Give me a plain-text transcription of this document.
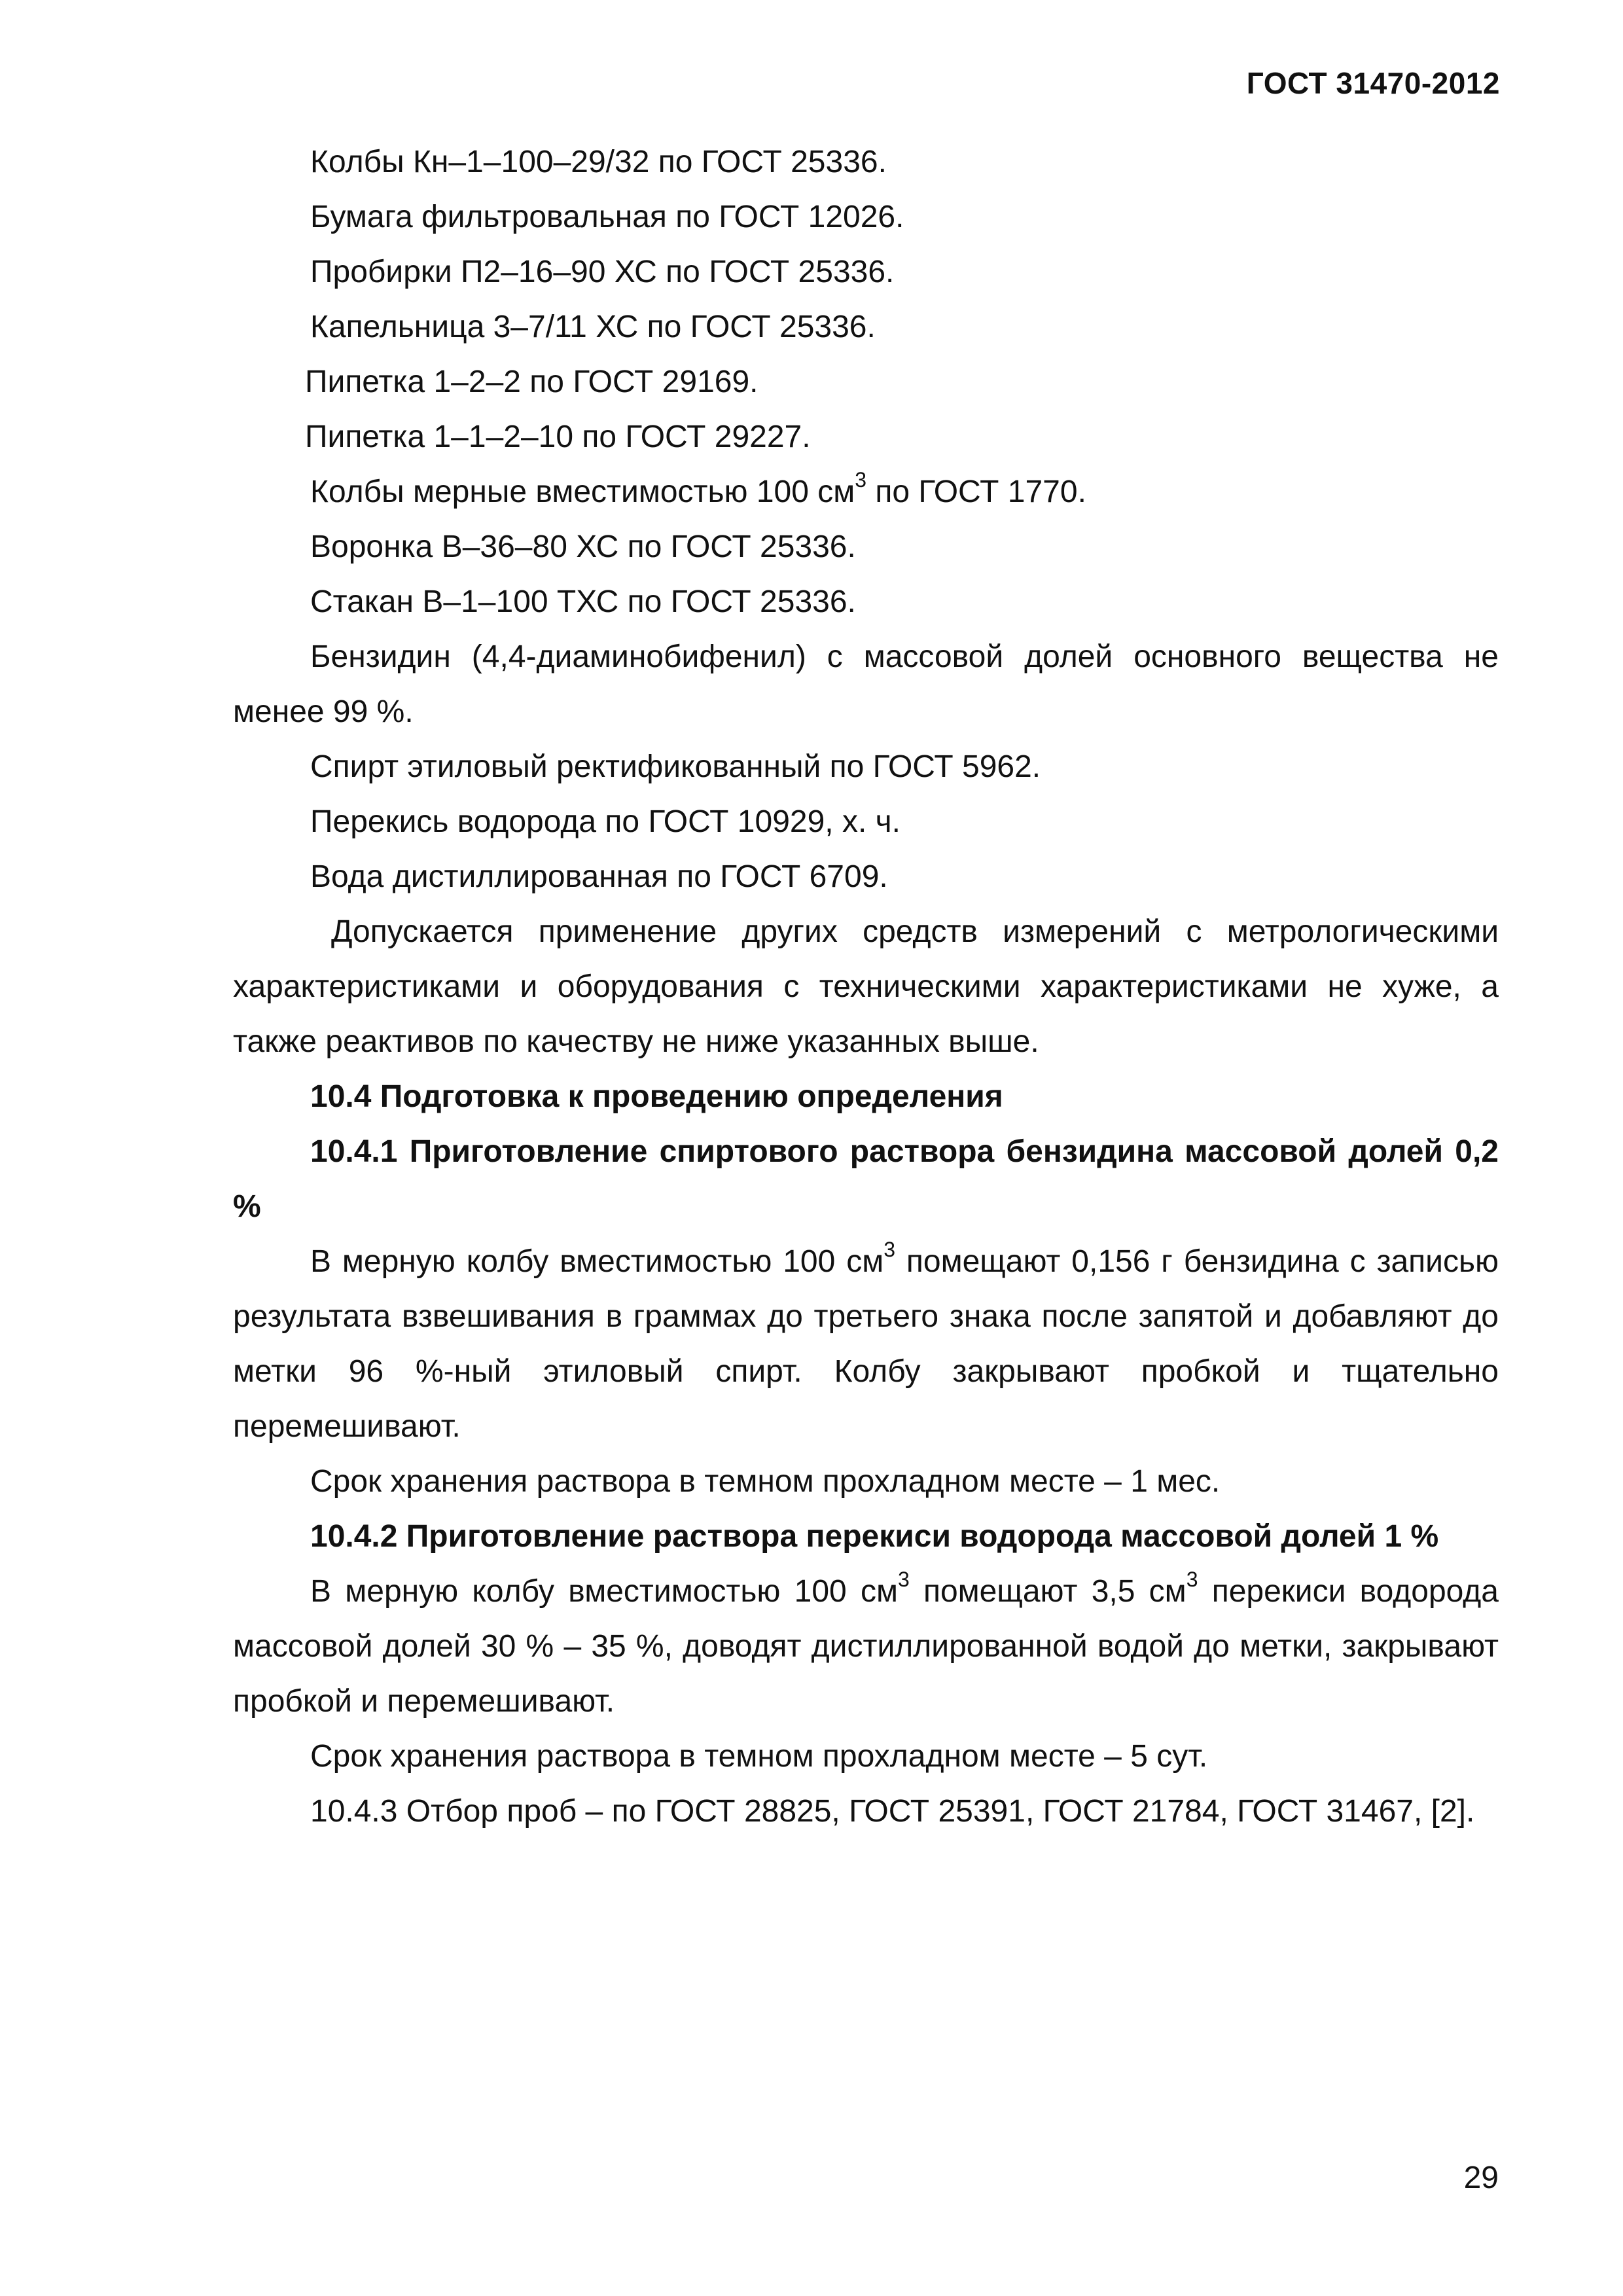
ГОСТ 31470-2012

Колбы Кн–1–100–29/32 по ГОСТ 25336.

Бумага фильтровальная по ГОСТ 12026.

Пробирки П2–16–90 ХС по ГОСТ 25336.

Капельница 3–7/11 ХС по ГОСТ 25336.

Пипетка 1–2–2 по ГОСТ 29169.

Пипетка 1–1–2–10 по ГОСТ 29227.

Колбы мерные вместимостью 100 $см^3$ по ГОСТ 1770.

Воронка В–36–80 ХС по ГОСТ 25336.

Стакан В–1–100 ТХС по ГОСТ 25336.

Бензидин (4,4-диаминобифенил) с массовой долей основного вещества не менее 99 %.

Спирт этиловый ректификованный по ГОСТ 5962.

Перекись водорода по ГОСТ 10929, х. ч.

Вода дистиллированная по ГОСТ 6709.

Допускается применение других средств измерений с метрологическими характеристиками и оборудования с техническими характеристиками не хуже, а также реактивов по качеству не ниже указанных выше.

10.4 Подготовка к проведению определения

10.4.1 Приготовление спиртового раствора бензидина массовой долей 0,2 %

В мерную колбу вместимостью 100 $см^3$ помещают 0,156 г бензидина с записью результата взвешивания в граммах до третьего знака после запятой и добавляют до метки 96 %-ный этиловый спирт. Колбу закрывают пробкой и тщательно перемешивают.

Срок хранения раствора в темном прохладном месте – 1 мес.

10.4.2 Приготовление раствора перекиси водорода массовой долей 1 %

В мерную колбу вместимостью 100 $см^3$ помещают 3,5 $см^3$ перекиси водорода массовой долей 30 % – 35 %, доводят дистиллированной водой до метки, закрывают пробкой и перемешивают.

Срок хранения раствора в темном прохладном месте – 5 сут.

10.4.3 Отбор проб – по ГОСТ 28825, ГОСТ 25391, ГОСТ 21784, ГОСТ 31467, [2].

29
